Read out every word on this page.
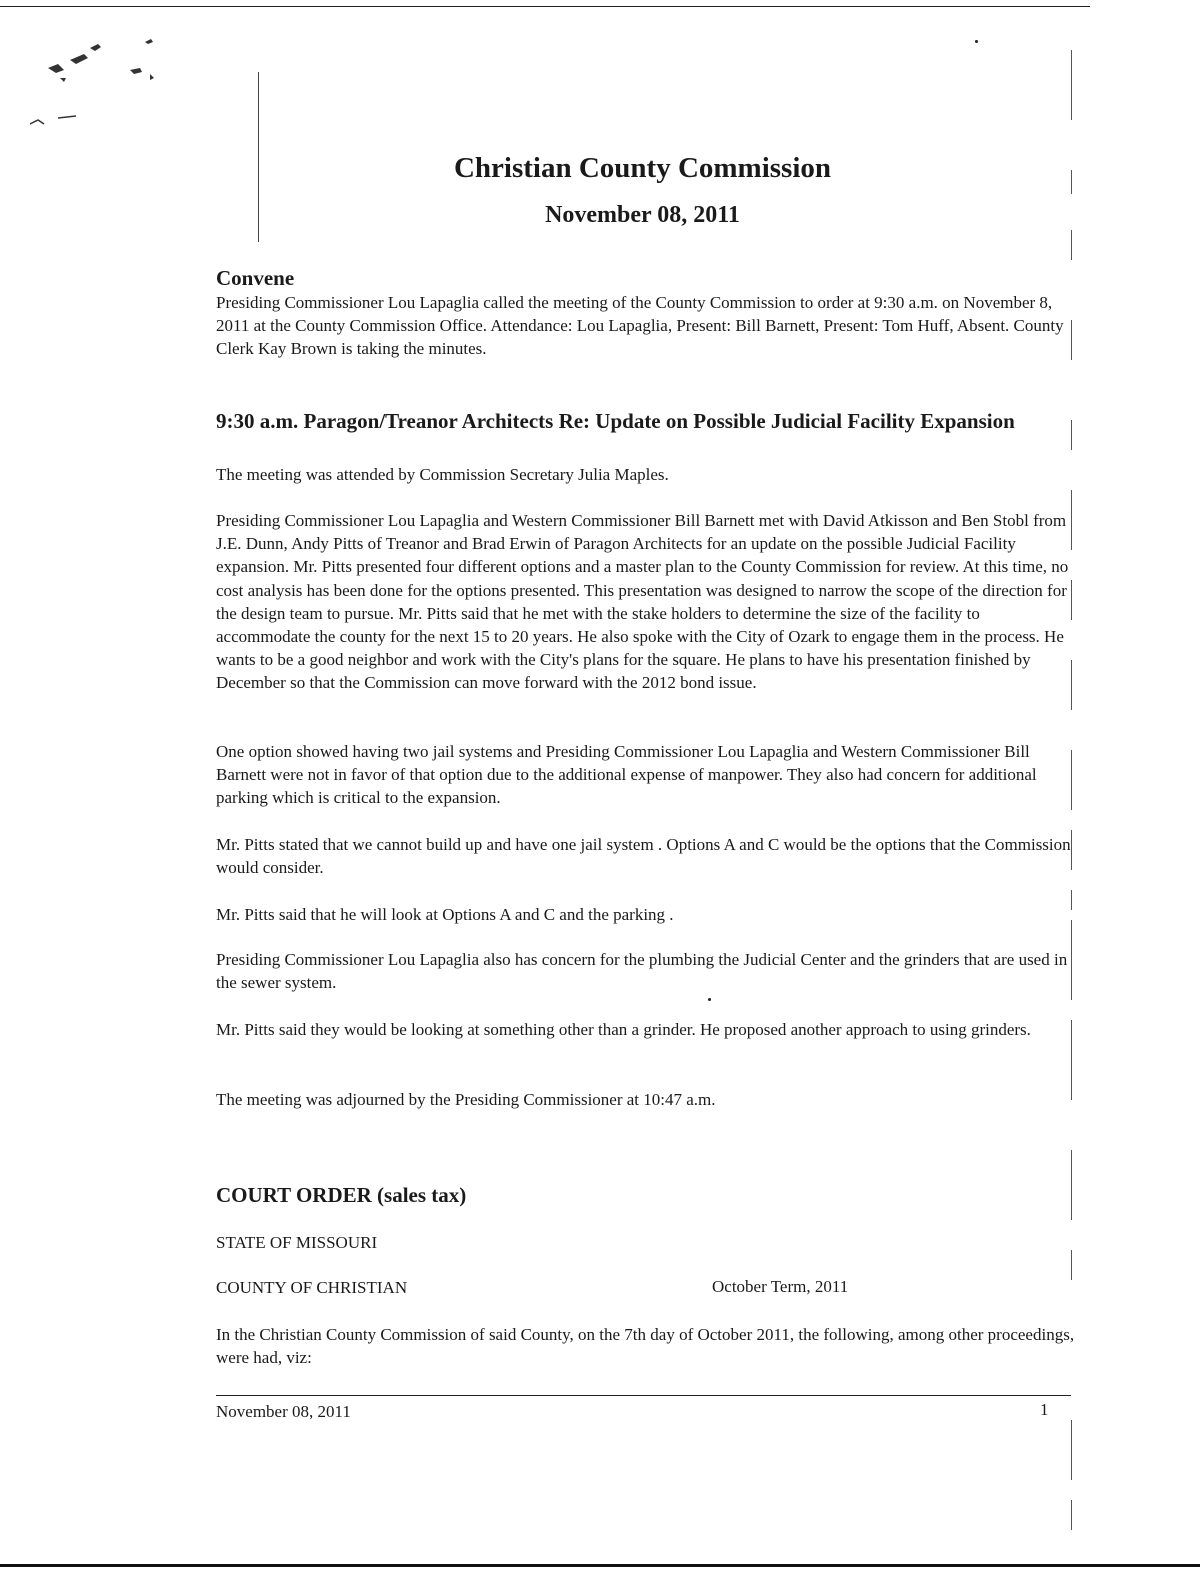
Christian County Commission
November 08, 2011
Convene

Presiding Commissioner Lou Lapaglia called the meeting of the County Commission to order at 9:30 a.m. on November 8, 2011 at the County Commission Office. Attendance: Lou Lapaglia, Present: Bill Barnett, Present: Tom Huff, Absent. County Clerk Kay Brown is taking the minutes.

9:30 a.m. Paragon/Treanor Architects Re: Update on Possible Judicial Facility Expansion

The meeting was attended by Commission Secretary Julia Maples.

Presiding Commissioner Lou Lapaglia and Western Commissioner Bill Barnett met with David Atkisson and Ben Stobl from J.E. Dunn, Andy Pitts of Treanor and Brad Erwin of Paragon Architects for an update on the possible Judicial Facility expansion. Mr. Pitts presented four different options and a master plan to the County Commission for review. At this time, no cost analysis has been done for the options presented. This presentation was designed to narrow the scope of the direction for the design team to pursue. Mr. Pitts said that he met with the stake holders to determine the size of the facility to accommodate the county for the next 15 to 20 years. He also spoke with the City of Ozark to engage them in the process. He wants to be a good neighbor and work with the City's plans for the square. He plans to have his presentation finished by December so that the Commission can move forward with the 2012 bond issue.

One option showed having two jail systems and Presiding Commissioner Lou Lapaglia and Western Commissioner Bill Barnett were not in favor of that option due to the additional expense of manpower. They also had concern for additional parking which is critical to the expansion.

Mr. Pitts stated that we cannot build up and have one jail system . Options A and C would be the options that the Commission would consider.

Mr. Pitts said that he will look at Options A and C and the parking .

Presiding Commissioner Lou Lapaglia also has concern for the plumbing the Judicial Center and the grinders that are used in the sewer system.

Mr. Pitts said they would be looking at something other than a grinder. He proposed another approach to using grinders.

The meeting was adjourned by the Presiding Commissioner at 10:47 a.m.

COURT ORDER (sales tax)

STATE OF MISSOURI

COUNTY OF CHRISTIAN	October Term, 2011

In the Christian County Commission of said County, on the 7th day of October 2011, the following, among other proceedings, were had, viz:

November 08, 2011	1
